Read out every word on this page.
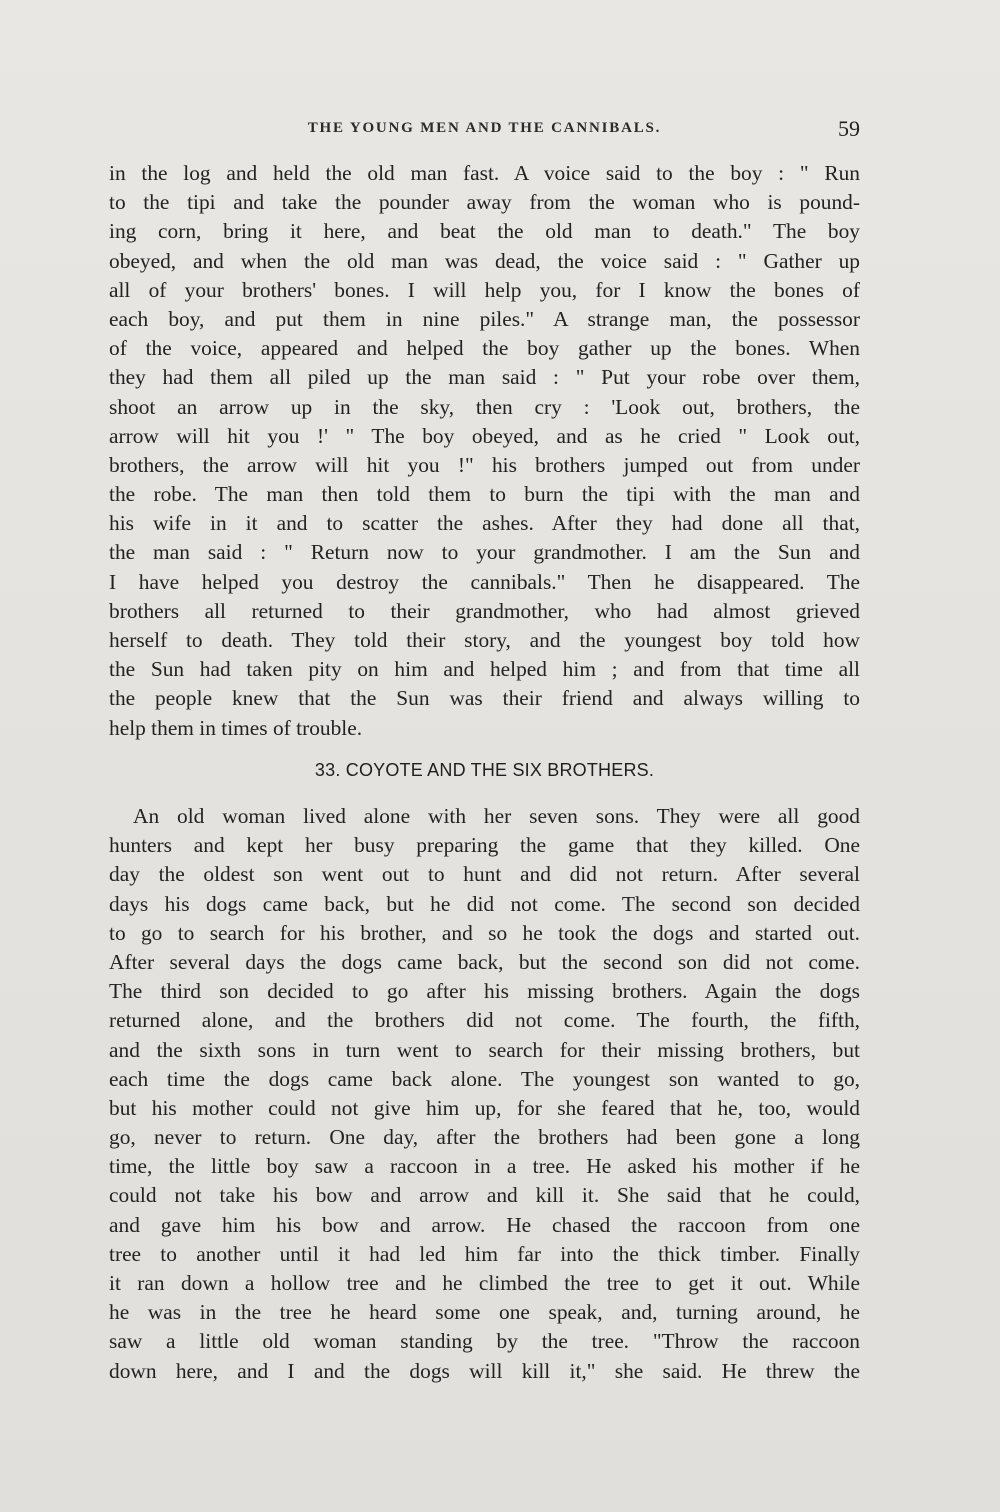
THE YOUNG MEN AND THE CANNIBALS.	59
in the log and held the old man fast. A voice said to the boy : " Run
to the tipi and take the pounder away from the woman who is pound-
ing corn, bring it here, and beat the old man to death." The boy
obeyed, and when the old man was dead, the voice said : " Gather up
all of your brothers' bones. I will help you, for I know the bones of
each boy, and put them in nine piles." A strange man, the possessor
of the voice, appeared and helped the boy gather up the bones. When
they had them all piled up the man said : " Put your robe over them,
shoot an arrow up in the sky, then cry : 'Look out, brothers, the
arrow will hit you !' " The boy obeyed, and as he cried " Look out,
brothers, the arrow will hit you !" his brothers jumped out from under
the robe. The man then told them to burn the tipi with the man and
his wife in it and to scatter the ashes. After they had done all that,
the man said : " Return now to your grandmother. I am the Sun and
I have helped you destroy the cannibals." Then he disappeared. The
brothers all returned to their grandmother, who had almost grieved
herself to death. They told their story, and the youngest boy told how
the Sun had taken pity on him and helped him ; and from that time all
the people knew that the Sun was their friend and always willing to
help them in times of trouble.
33. COYOTE AND THE SIX BROTHERS.
An old woman lived alone with her seven sons. They were all good
hunters and kept her busy preparing the game that they killed. One
day the oldest son went out to hunt and did not return. After several
days his dogs came back, but he did not come. The second son decided
to go to search for his brother, and so he took the dogs and started out.
After several days the dogs came back, but the second son did not come.
The third son decided to go after his missing brothers. Again the dogs
returned alone, and the brothers did not come. The fourth, the fifth,
and the sixth sons in turn went to search for their missing brothers, but
each time the dogs came back alone. The youngest son wanted to go,
but his mother could not give him up, for she feared that he, too, would
go, never to return. One day, after the brothers had been gone a long
time, the little boy saw a raccoon in a tree. He asked his mother if he
could not take his bow and arrow and kill it. She said that he could,
and gave him his bow and arrow. He chased the raccoon from one
tree to another until it had led him far into the thick timber. Finally
it ran down a hollow tree and he climbed the tree to get it out. While
he was in the tree he heard some one speak, and, turning around, he
saw a little old woman standing by the tree. "Throw the raccoon
down here, and I and the dogs will kill it," she said. He threw the
